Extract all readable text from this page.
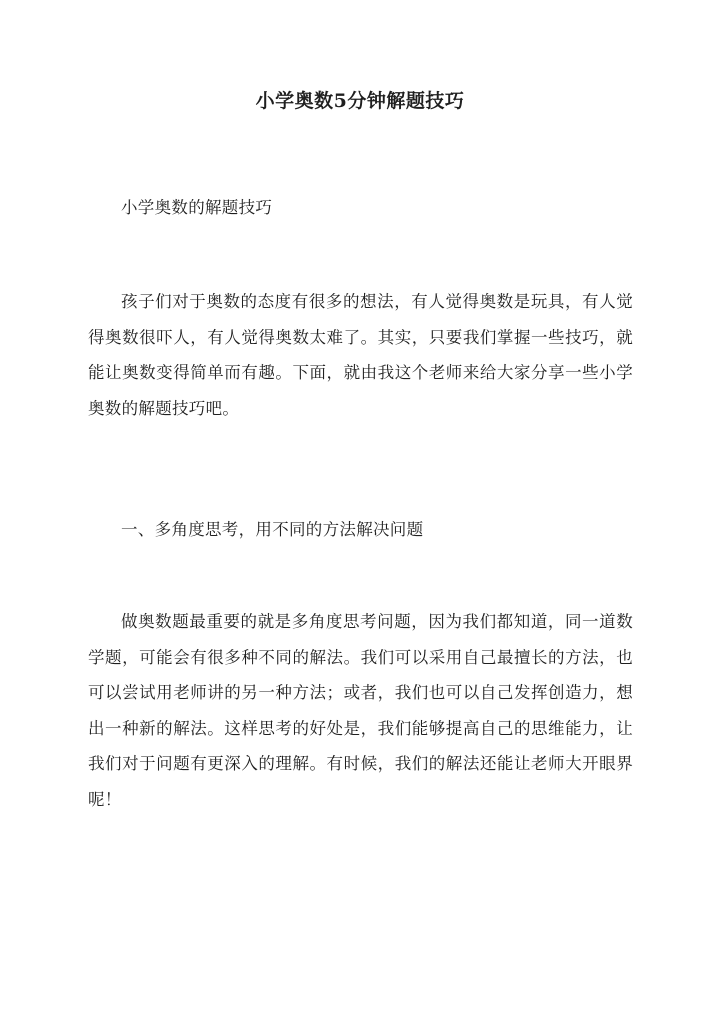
小学奥数5分钟解题技巧

小学奥数的解题技巧

孩子们对于奥数的态度有很多的想法，有人觉得奥数是玩具，有人觉得奥数很吓人，有人觉得奥数太难了。其实，只要我们掌握一些技巧，就能让奥数变得简单而有趣。下面，就由我这个老师来给大家分享一些小学奥数的解题技巧吧。

一、多角度思考，用不同的方法解决问题

做奥数题最重要的就是多角度思考问题，因为我们都知道，同一道数学题，可能会有很多种不同的解法。我们可以采用自己最擅长的方法，也可以尝试用老师讲的另一种方法；或者，我们也可以自己发挥创造力，想出一种新的解法。这样思考的好处是，我们能够提高自己的思维能力，让我们对于问题有更深入的理解。有时候，我们的解法还能让老师大开眼界呢！
